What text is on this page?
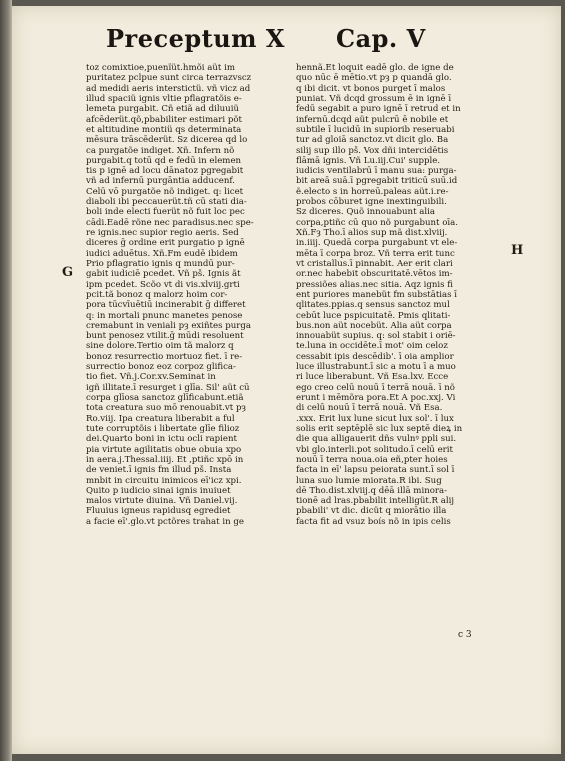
Preceptum X Cap. V
G
H
toz comixtioe,puenïüt.hmõi aüt im
puritatez pclpue sunt circa terrazvscz
ad medidi aeris interstictü. vñ vicz ad
illud spaciü ignis vltie pflagratõis e-
lemeta purgabit. Cñ etiã ad diluuiü
afcēderüt.qõ,pbabiliter estimari pöt
et altitudine montiü qs determinata
mēsura trāscēderüt. Sz dicerea qd lo
ca purgatõe indiget. Xñ. Infern nõ
purgabit.q totū qd e fedū in elemen
tis p ignē ad locu dānatoz pgregabit
vñ ad infernū purgāntia adducenf.
Celū vō purgatõe nõ indiget. q: licet
diaboli ibi peccauerüt.tñ cū stati dia-
boli inde electi fuerüt nõ fuit loc pec
cādi.Eadē rõne nec paradisus.nec spe-
re ignis.nec supior regio aeris. Sed
diceres ḡ ordine erit purgatio p ignē
iudici aduētus. Xñ.Fm eudē ibidem
Prio pflagratio ignis q mundū pur-
gabit iudiciē pcedet. Vñ pš. Ignis ãt
ipm pcedet. Scõo vt di vis.xlviij.grti
pcit.tã bonoz q malorz hoim cor-
pora tūcvīuētiū incinerabit ḡ differet
q: in mortali pnunc manetes penose
cremabunt in veniali pȝ exiñtes purga
bunt penosez vtilit.ḡ mūdi resoluent
sine dolore.Tertio oim tã malorz q
bonoz resurrectio mortuoz fiet. ī re-
surrectio bonoz eoz corpoz glifica-
tio fiet. Vñ.j.Cor.xv.Seminat in
igñ illitate.ī resurget i glīa. Sil' aüt cū
corpa glīosa sanctoz glīficabunt.etiã
tota creatura suo mō renouabit.vt pȝ
Ro.viij. Ipa creatura liberabit a ful
tute corruptõis i libertate glīe filioz
dei.Quarto boni in ictu ocli rapient
pia virtute agilitatis obue obuia xpo
in aera.j.Thessal.iiij. Et ,ptiñc xpō in
de veniet.ī ignis fm illud pš. Insta
mnbit in circuitu inimicos eī'icz xpi.
Quito p iudicio sinai ignis inuiuet
malos virtute diuina. Vñ Daniel.vij.
Fluuius igneus rapidusq egrediet
a facie eī'.glo.vt pctõres trahat in ge
hennã.Et loquit eadē glo. de igne de
quo nūc ē mētio.vt pȝ p quandā glo.
q ibi dicit. vt bonos purget ī malos
puniat. Vñ dcqd grossum ē in ignē ī
fedū segabit a puro ignē ī retrud et in
infernū.dcqd aüt pulcrū ē nobile et
subtile ī lucidū in supiorib reseruabi
tur ad gloiā sanctoz.vt dicit glo. Ba
silij sup illo pš. Vox dñi intercidētis
flāmā ignis. Vñ Lu.iij.Cui' supple.
iudicis ventilabrū ī manu sua: purga-
bit areā suā.ī pgregabit triticū suū.id
ẽ.electo s in horreū.paleas aüt.i.re-
probos cōburet igne inextinguibili.
Sz diceres. Quõ innouabunt alia
corpa,ptiñc cū quo nõ purgabunt oīa.
Xñ.Fȝ Tho.ī alios sup mã dist.xlviij.
in.iiij. Quedā corpa purgabunt vt ele-
mēta ī corpa broz. Vñ terra erit tunc
vt cristallus.ī pinnabit. Aer erit clari
or.nec habebit obscuritatē.vētos im-
pressiões alias.nec sitia. Aqz ignis fi
ent puriores manebüt fm substātias ī
qlitates.ppias.q sensus sanctoz mul
cebūt luce pspicuitatē. Pmis qlitati-
bus.non aüt nocebüt. Alia aüt corpa
innouabüt supius. q: sol stabit i oriē-
te.luna in occidēte.ī mot' oim celoz
cessabit ipis descēdib'. ī oia amplior
luce illustrabunt.ī sic a motu ī a muo
ri luce liberabunt. Vñ Esa.lxv. Ecce
ego creo celū nouū ī terrā nouā. ī nõ
erunt i mēmõra pora.Et A poc.xxj. Vi
di celū nouū ī terrā nouā. Vñ Esa.
.xxx. Erit lux lune sicut lux sol'. ī lux
solis erit septēplē sic lux septē dieꝝ in
die qua alligauerit dñs vulnꝰ ppli sui.
vbi glo.interli.pot solitudo.ī celū erit
nouū ī terra noua.oia eñ,pter hoies
facta in eī' lapsu peiorata sunt.ī sol ī
luna suo lumie miorata.R ibi. Sug
dē Tho.dist.xlviij.q dēā illā minora-
tionē ad lras.pbabilit intelligüt.R alij
pbabili' vt dic. dicüt q miorātio illa
facta fit ad vsuz boís nõ in ipis celis
c 3
